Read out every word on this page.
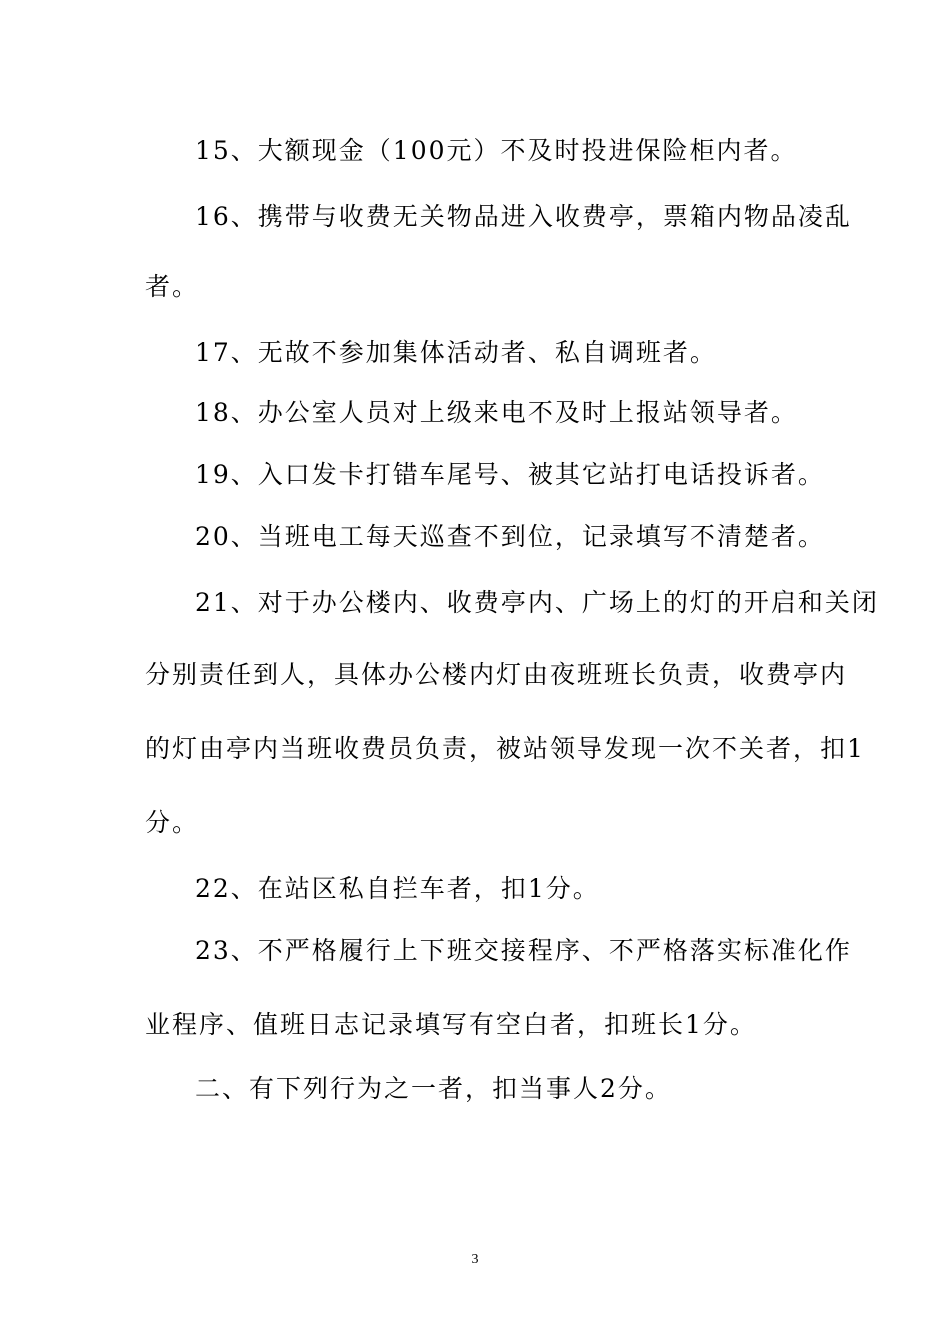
15、大额现金（100元）不及时投进保险柜内者。
16、携带与收费无关物品进入收费亭，票箱内物品凌乱
者。
17、无故不参加集体活动者、私自调班者。
18、办公室人员对上级来电不及时上报站领导者。
19、入口发卡打错车尾号、被其它站打电话投诉者。
20、当班电工每天巡查不到位，记录填写不清楚者。
21、对于办公楼内、收费亭内、广场上的灯的开启和关闭
分别责任到人，具体办公楼内灯由夜班班长负责，收费亭内
的灯由亭内当班收费员负责，被站领导发现一次不关者，扣1
分。
22、在站区私自拦车者，扣1分。
23、不严格履行上下班交接程序、不严格落实标准化作
业程序、值班日志记录填写有空白者，扣班长1分。
二、有下列行为之一者，扣当事人2分。
3
